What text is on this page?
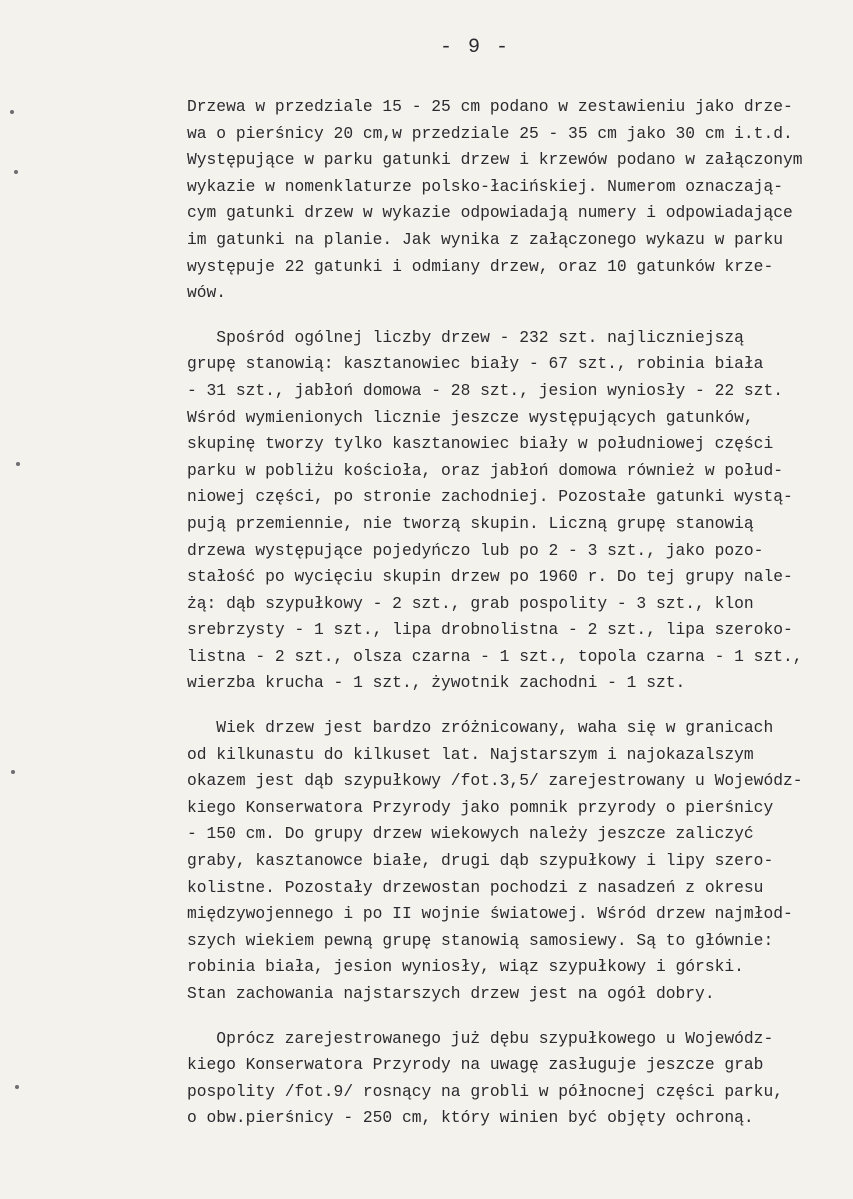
- 9 -
Drzewa w przedziale 15 - 25 cm podano w zestawieniu jako drze-
wa o pierśnicy 20 cm,w przedziale 25 - 35 cm jako 30 cm i.t.d.
Występujące w parku gatunki drzew i krzewów podano w załączonym
wykazie w nomenklaturze polsko-łacińskiej. Numerom oznaczają-
cym gatunki drzew w wykazie odpowiadają numery i odpowiadające
im gatunki na planie. Jak wynika z załączonego wykazu w parku
występuje 22 gatunki i odmiany drzew, oraz 10 gatunków krze-
wów.
Spośród ogólnej liczby drzew - 232 szt. najliczniejszą
grupę stanowią: kasztanowiec biały - 67 szt., robinia biała
- 31 szt., jabłoń domowa - 28 szt., jesion wyniosły - 22 szt.
Wśród wymienionych licznie jeszcze występujących gatunków,
skupinę tworzy tylko kasztanowiec biały w południowej części
parku w pobliżu kościoła, oraz jabłoń domowa również w połud-
niowej części, po stronie zachodniej. Pozostałe gatunki wystą-
pują przemiennie, nie tworzą skupin. Liczną grupę stanowią
drzewa występujące pojedyńczo lub po 2 - 3 szt., jako pozo-
stałość po wycięciu skupin drzew po 1960 r. Do tej grupy nale-
żą: dąb szypułkowy - 2 szt., grab pospolity - 3 szt., klon
srebrzysty - 1 szt., lipa drobnolistna - 2 szt., lipa szeroko-
listna - 2 szt., olsza czarna - 1 szt., topola czarna - 1 szt.,
wierzba krucha - 1 szt., żywotnik zachodni - 1 szt.
Wiek drzew jest bardzo zróżnicowany, waha się w granicach
od kilkunastu do kilkuset lat. Najstarszym i najokazalszym
okazem jest dąb szypułkowy /fot.3,5/ zarejestrowany u Wojewódz-
kiego Konserwatora Przyrody jako pomnik przyrody o pierśnicy
- 150 cm. Do grupy drzew wiekowych należy jeszcze zaliczyć
graby, kasztanowce białe, drugi dąb szypułkowy i lipy szero-
kolistne. Pozostały drzewostan pochodzi z nasadzeń z okresu
międzywojennego i po II wojnie światowej. Wśród drzew najmłod-
szych wiekiem pewną grupę stanowią samosiewy. Są to głównie:
robinia biała, jesion wyniosły, wiąz szypułkowy i górski.
Stan zachowania najstarszych drzew jest na ogół dobry.
Oprócz zarejestrowanego już dębu szypułkowego u Wojewódz-
kiego Konserwatora Przyrody na uwagę zasługuje jeszcze grab
pospolity /fot.9/ rosnący na grobli w północnej części parku,
o obw.pierśnicy - 250 cm, który winien być objęty ochroną.
